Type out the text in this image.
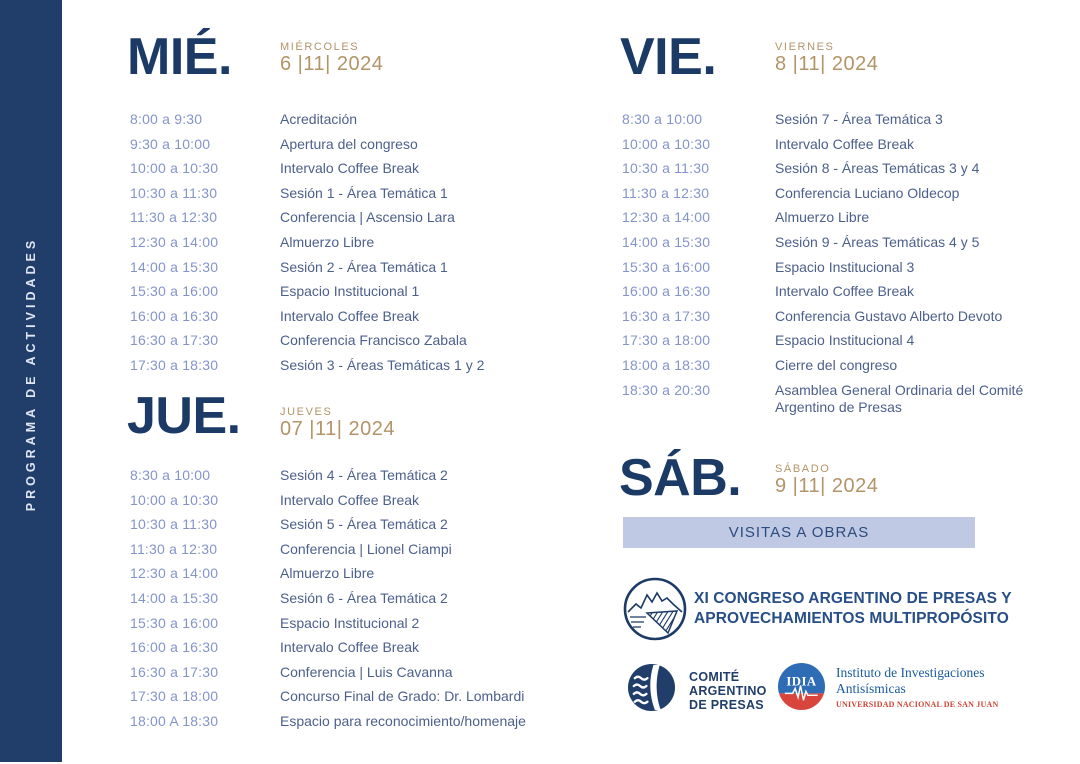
PROGRAMA DE ACTIVIDADES
MIÉ.	MIÉRCOLES
6 |11| 2024
8:00 a 9:30	Acreditación
9:30 a 10:00	Apertura del congreso
10:00 a 10:30	Intervalo Coffee Break
10:30 a 11:30	Sesión 1 - Área Temática 1
11:30 a 12:30	Conferencia | Ascensio Lara
12:30 a 14:00	Almuerzo Libre
14:00 a 15:30	Sesión 2 - Área Temática 1
15:30 a 16:00	Espacio Institucional 1
16:00 a 16:30	Intervalo Coffee Break
16:30 a 17:30	Conferencia Francisco Zabala
17:30 a 18:30	Sesión 3 - Áreas Temáticas 1 y 2
JUE.	JUEVES
07 |11| 2024
8:30 a 10:00	Sesión 4 - Área Temática 2
10:00 a 10:30	Intervalo Coffee Break
10:30 a 11:30	Sesión 5 - Área Temática 2
11:30 a 12:30	Conferencia | Lionel Ciampi
12:30 a 14:00	Almuerzo Libre
14:00 a 15:30	Sesión 6 - Área Temática 2
15:30 a 16:00	Espacio Institucional 2
16:00 a 16:30	Intervalo Coffee Break
16:30 a 17:30	Conferencia | Luis Cavanna
17:30 a 18:00	Concurso Final de Grado: Dr. Lombardi
18:00 A 18:30	Espacio para reconocimiento/homenaje
VIE.	VIERNES
8 |11| 2024
8:30 a 10:00	Sesión 7 - Área Temática 3
10:00 a 10:30	Intervalo Coffee Break
10:30 a 11:30	Sesión 8 - Áreas Temáticas 3 y 4
11:30 a 12:30	Conferencia Luciano Oldecop
12:30 a 14:00	Almuerzo Libre
14:00 a 15:30	Sesión 9 - Áreas Temáticas 4 y 5
15:30 a 16:00	Espacio Institucional 3
16:00 a 16:30	Intervalo Coffee Break
16:30 a 17:30	Conferencia Gustavo Alberto Devoto
17:30 a 18:00	Espacio Institucional 4
18:00 a 18:30	Cierre del congreso
18:30 a 20:30	Asamblea General Ordinaria del Comité Argentino de Presas
SÁB.	SÁBADO
9 |11| 2024
VISITAS A OBRAS
XI CONGRESO ARGENTINO DE PRESAS Y
APROVECHAMIENTOS MULTIPROPÓSITO
COMITÉ
ARGENTINO
DE PRESAS
IDIA
Instituto de Investigaciones
Antisísmicas
UNIVERSIDAD NACIONAL DE SAN JUAN
